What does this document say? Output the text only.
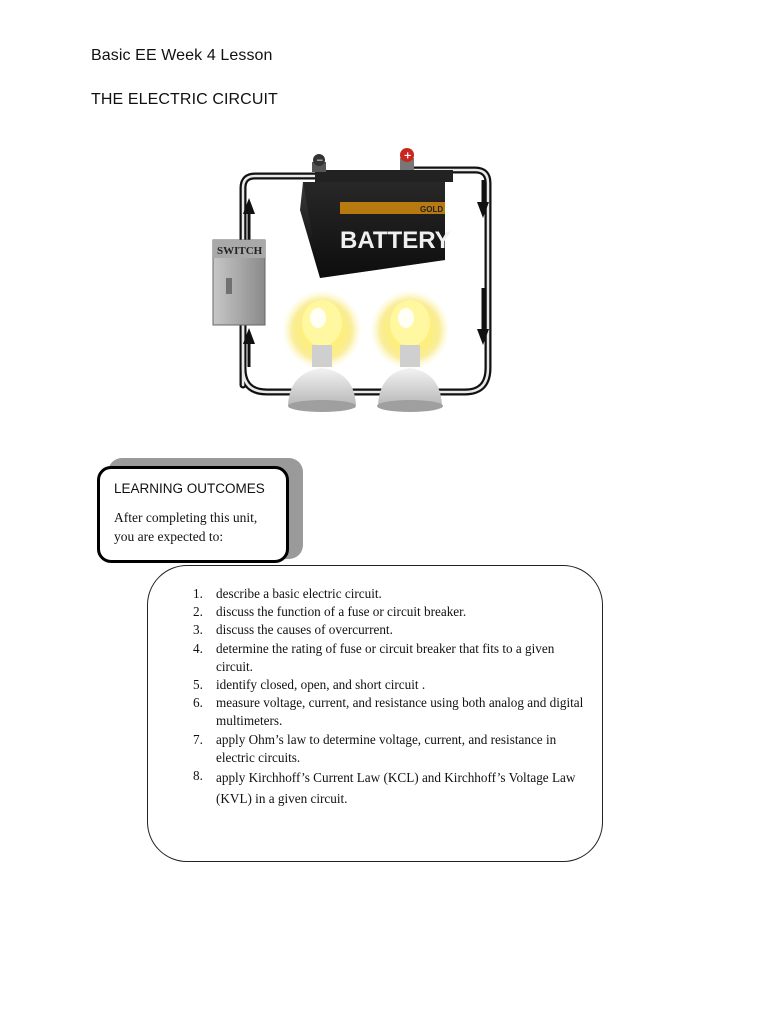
Basic EE Week 4 Lesson
THE ELECTRIC CIRCUIT
SWITCH
GOLD
BATTERY
−	+

LEARNING OUTCOMES

After completing this unit, you are expected to:

1. describe a basic electric circuit.
2. discuss the function of a fuse or circuit breaker.
3. discuss the causes of overcurrent.
4. determine the rating of fuse or circuit breaker that fits to a given circuit.
5. identify closed, open, and short circuit .
6. measure voltage, current, and resistance using both analog and digital multimeters.
7. apply Ohm’s law to determine voltage, current, and resistance in electric circuits.
8. apply Kirchhoff’s Current Law (KCL) and Kirchhoff’s Voltage Law (KVL) in a given circuit.
